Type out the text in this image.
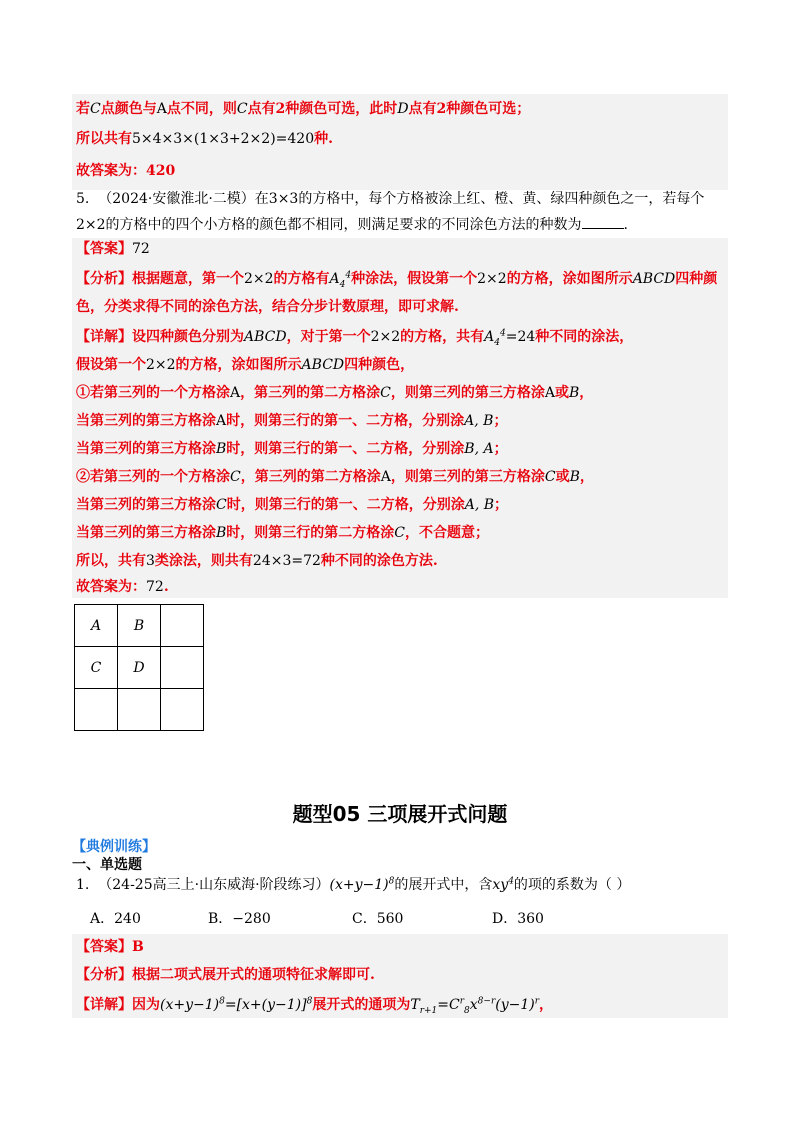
若C点颜色与A点不同，则C点有2种颜色可选，此时D点有2种颜色可选；
所以共有5×4×3×(1×3+2×2)=420种.
故答案为：420
5. （2024·安徽淮北·二模）在3×3的方格中，每个方格被涂上红、橙、黄、绿四种颜色之一，若每个2×2的方格中的四个小方格的颜色都不相同，则满足要求的不同涂色方法的种数为	.
【答案】72
【分析】根据题意，第一个2×2的方格有$A_4^4$种涂法，假设第一个2×2的方格，涂如图所示ABCD四种颜
色，分类求得不同的涂色方法，结合分步计数原理，即可求解.
【详解】设四种颜色分别为ABCD，对于第一个2×2的方格，共有$A_4^4=24$种不同的涂法，
假设第一个2×2的方格，涂如图所示ABCD四种颜色，
①若第三列的一个方格涂A，第三列的第二方格涂C，则第三列的第三方格涂A或B，
当第三列的第三方格涂A时，则第三行的第一、二方格，分别涂A, B；
当第三列的第三方格涂B时，则第三行的第一、二方格，分别涂B, A；
②若第三列的一个方格涂C，第三列的第二方格涂A，则第三列的第三方格涂C或B，
当第三列的第三方格涂C时，则第三行的第一、二方格，分别涂A, B；
当第三列的第三方格涂B时，则第三行的第二方格涂C，不合题意；
所以，共有3类涂法，则共有24×3=72种不同的涂色方法.
故答案为：72.
A	B	
C	D	

题型05 三项展开式问题
【典例训练】
一、单选题
1. （24-25高三上·山东威海·阶段练习）$(x+y-1)^8$的展开式中，含$xy^4$的项的系数为（ ）
A．240	B．−280	C．560	D．360
【答案】B
【分析】根据二项式展开式的通项特征求解即可.
【详解】因为$(x+y-1)^8=[x+(y-1)]^8$展开式的通项为$T_{r+1}=C^r_8x^{8-r}(y-1)^r$，
